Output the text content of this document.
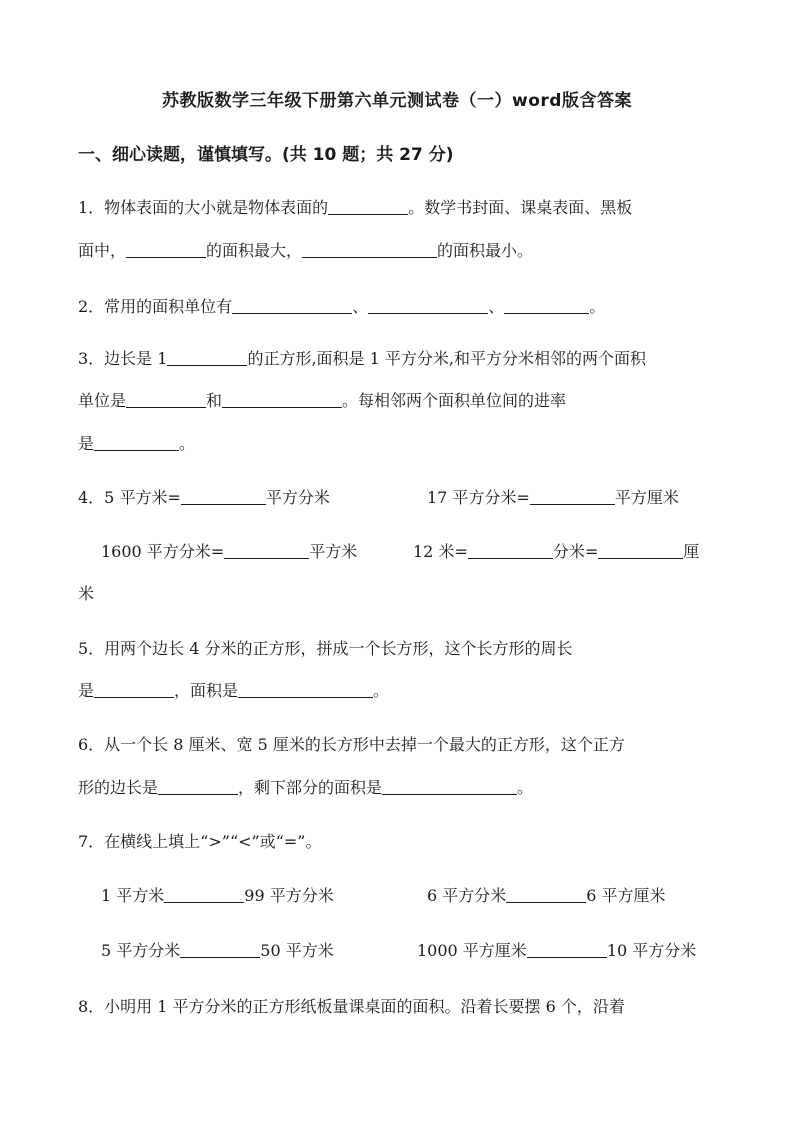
苏教版数学三年级下册第六单元测试卷（一）word版含答案
一、细心读题，谨慎填写。(共 10 题；共 27 分)
1．物体表面的大小就是物体表面的	。数学书封面、课桌表面、黑板
面中，	的面积最大，	的面积最小。
2．常用的面积单位有	、	、	。
3．边长是 1	的正方形,面积是 1 平方分米,和平方分米相邻的两个面积
单位是	和	。每相邻两个面积单位间的进率
是	。
4．5 平方米=	平方分米	17 平方分米=	平方厘米
1600 平方分米=	平方米	12 米=	分米=	厘
米
5．用两个边长 4 分米的正方形，拼成一个长方形，这个长方形的周长
是	，面积是	。
6．从一个长 8 厘米、宽 5 厘米的长方形中去掉一个最大的正方形，这个正方
形的边长是	，剩下部分的面积是	。
7．在横线上填上“>”“<”或“=”。
1 平方米	99 平方分米	6 平方分米	6 平方厘米
5 平方分米	50 平方米	1000 平方厘米	10 平方分米
8．小明用 1 平方分米的正方形纸板量课桌面的面积。沿着长要摆 6 个，沿着
